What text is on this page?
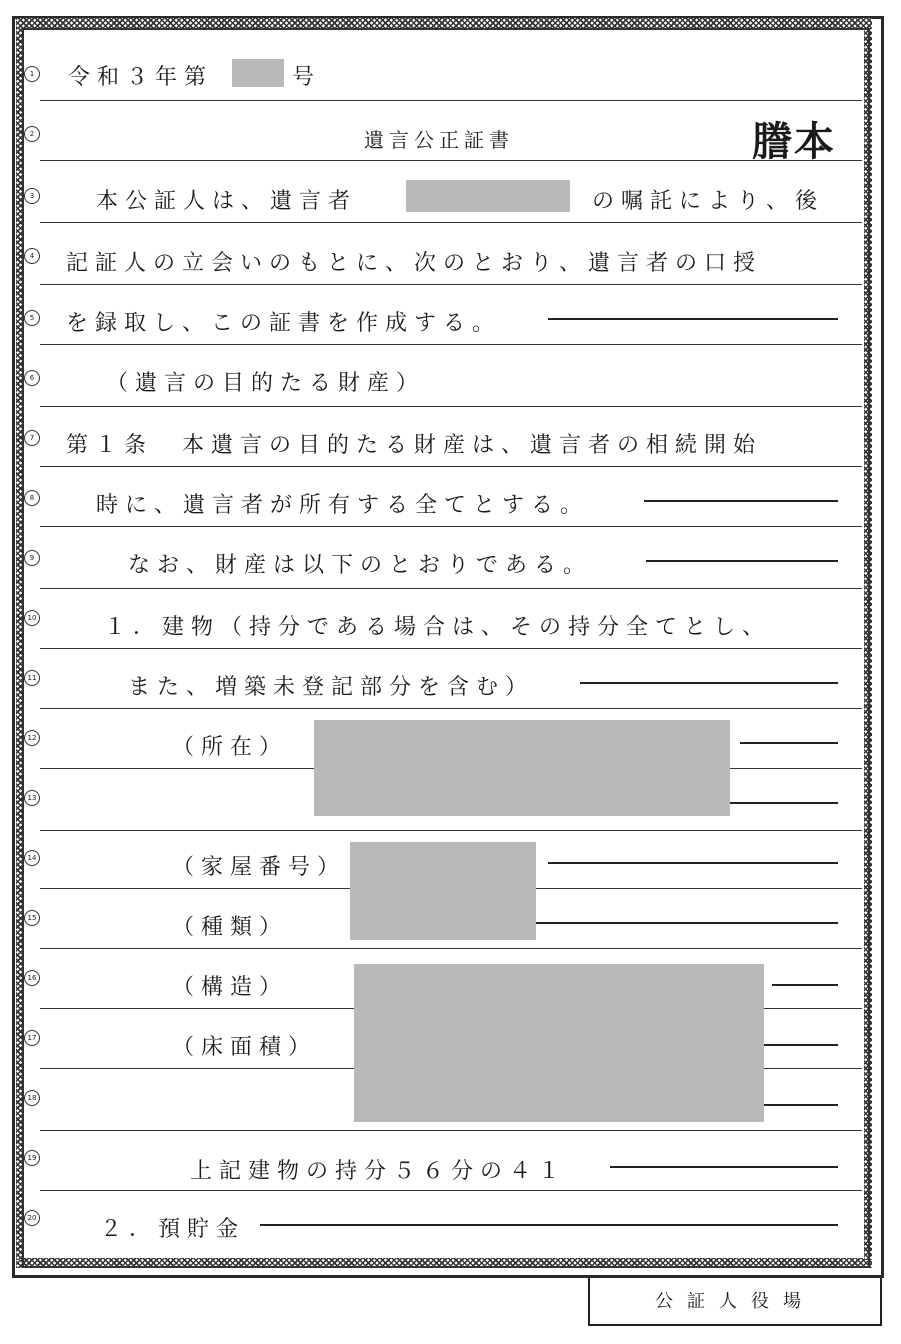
1
2
3
4
5
6
7
8
9
10
11
12
13
14
15
16
17
18
19
20
令和３年第	号
遺言公正証書	謄本
本公証人は、遺言者	の嘱託により、後
記証人の立会いのもとに、次のとおり、遺言者の口授
を録取し、この証書を作成する。
（遺言の目的たる財産）
第１条　本遺言の目的たる財産は、遺言者の相続開始
時に、遺言者が所有する全てとする。
なお、財産は以下のとおりである。
１．建物（持分である場合は、その持分全てとし、
また、増築未登記部分を含む）
（所在）
（家屋番号）
（種類）
（構造）
（床面積）
上記建物の持分５６分の４１
２．預貯金
公証人役場
